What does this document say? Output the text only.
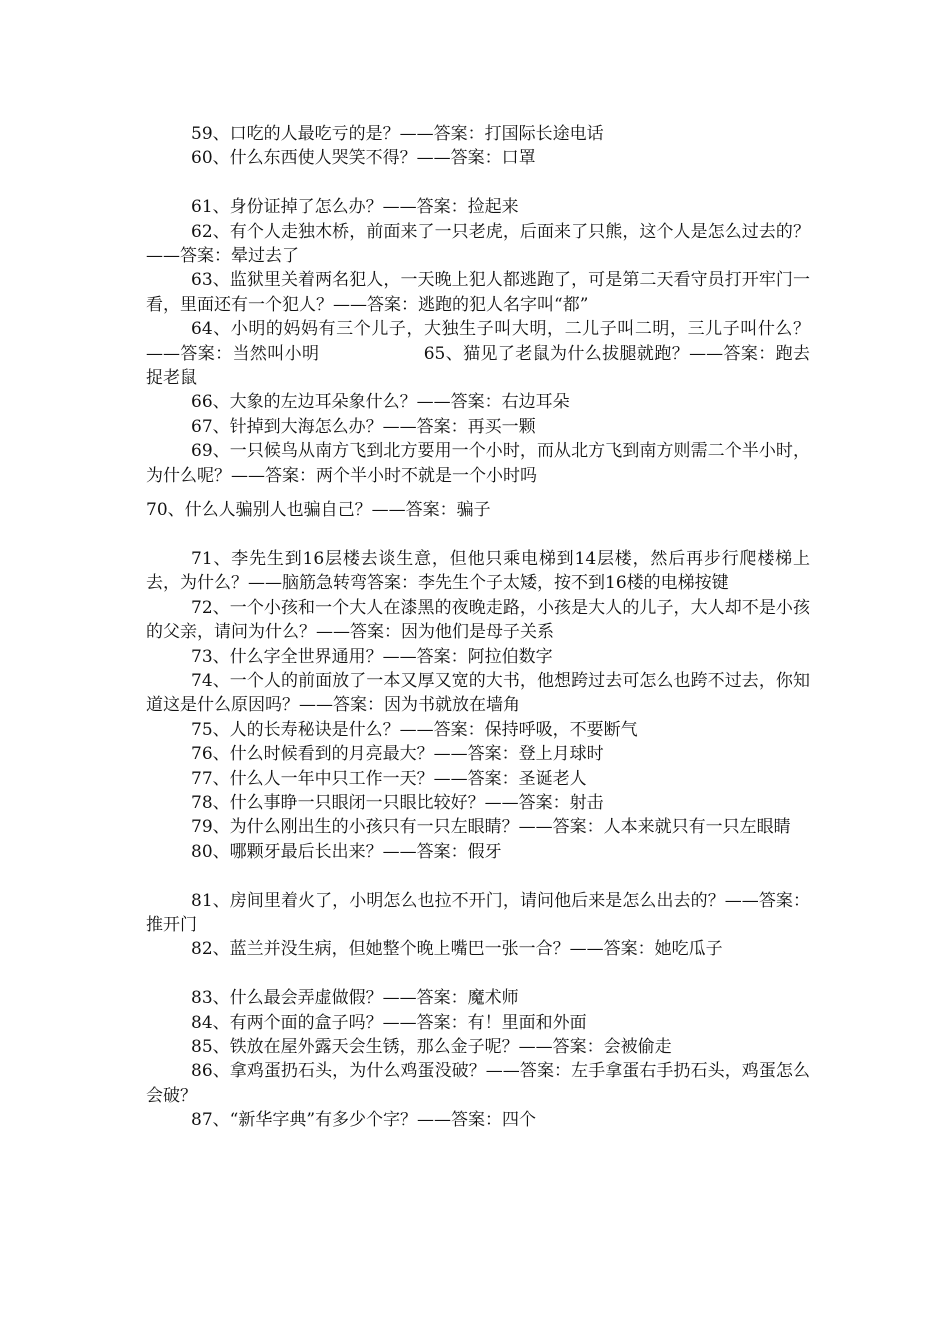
59、口吃的人最吃亏的是？——答案：打国际长途电话

60、什么东西使人哭笑不得？——答案：口罩

61、身份证掉了怎么办？——答案：捡起来

62、有个人走独木桥，前面来了一只老虎，后面来了只熊，这个人是怎么过去的？——答案：晕过去了

63、监狱里关着两名犯人，一天晚上犯人都逃跑了，可是第二天看守员打开牢门一看，里面还有一个犯人？——答案：逃跑的犯人名字叫“都”

64、小明的妈妈有三个儿子，大独生子叫大明，二儿子叫二明，三儿子叫什么？——答案：当然叫小明　　　　　　65、猫见了老鼠为什么拔腿就跑？——答案：跑去捉老鼠

66、大象的左边耳朵象什么？——答案：右边耳朵

67、针掉到大海怎么办？——答案：再买一颗

69、一只候鸟从南方飞到北方要用一个小时，而从北方飞到南方则需二个半小时，为什么呢？——答案：两个半小时不就是一个小时吗

70、什么人骗别人也骗自己？——答案：骗子

71、李先生到16层楼去谈生意，但他只乘电梯到14层楼，然后再步行爬楼梯上去，为什么？——脑筋急转弯答案：李先生个子太矮，按不到16楼的电梯按键

72、一个小孩和一个大人在漆黑的夜晚走路，小孩是大人的儿子，大人却不是小孩的父亲，请问为什么？——答案：因为他们是母子关系

73、什么字全世界通用？——答案：阿拉伯数字

74、一个人的前面放了一本又厚又宽的大书，他想跨过去可怎么也跨不过去，你知道这是什么原因吗？——答案：因为书就放在墙角

75、人的长寿秘诀是什么？——答案：保持呼吸，不要断气

76、什么时候看到的月亮最大？——答案：登上月球时

77、什么人一年中只工作一天？——答案：圣诞老人

78、什么事睁一只眼闭一只眼比较好？——答案：射击

79、为什么刚出生的小孩只有一只左眼睛？——答案：人本来就只有一只左眼睛

80、哪颗牙最后长出来？——答案：假牙

81、房间里着火了，小明怎么也拉不开门，请问他后来是怎么出去的？——答案：推开门

82、蓝兰并没生病，但她整个晚上嘴巴一张一合？——答案：她吃瓜子

83、什么最会弄虚做假？——答案：魔术师

84、有两个面的盒子吗？——答案：有！里面和外面

85、铁放在屋外露天会生锈，那么金子呢？——答案：会被偷走

86、拿鸡蛋扔石头，为什么鸡蛋没破？——答案：左手拿蛋右手扔石头，鸡蛋怎么会破？

87、“新华字典”有多少个字？——答案：四个
